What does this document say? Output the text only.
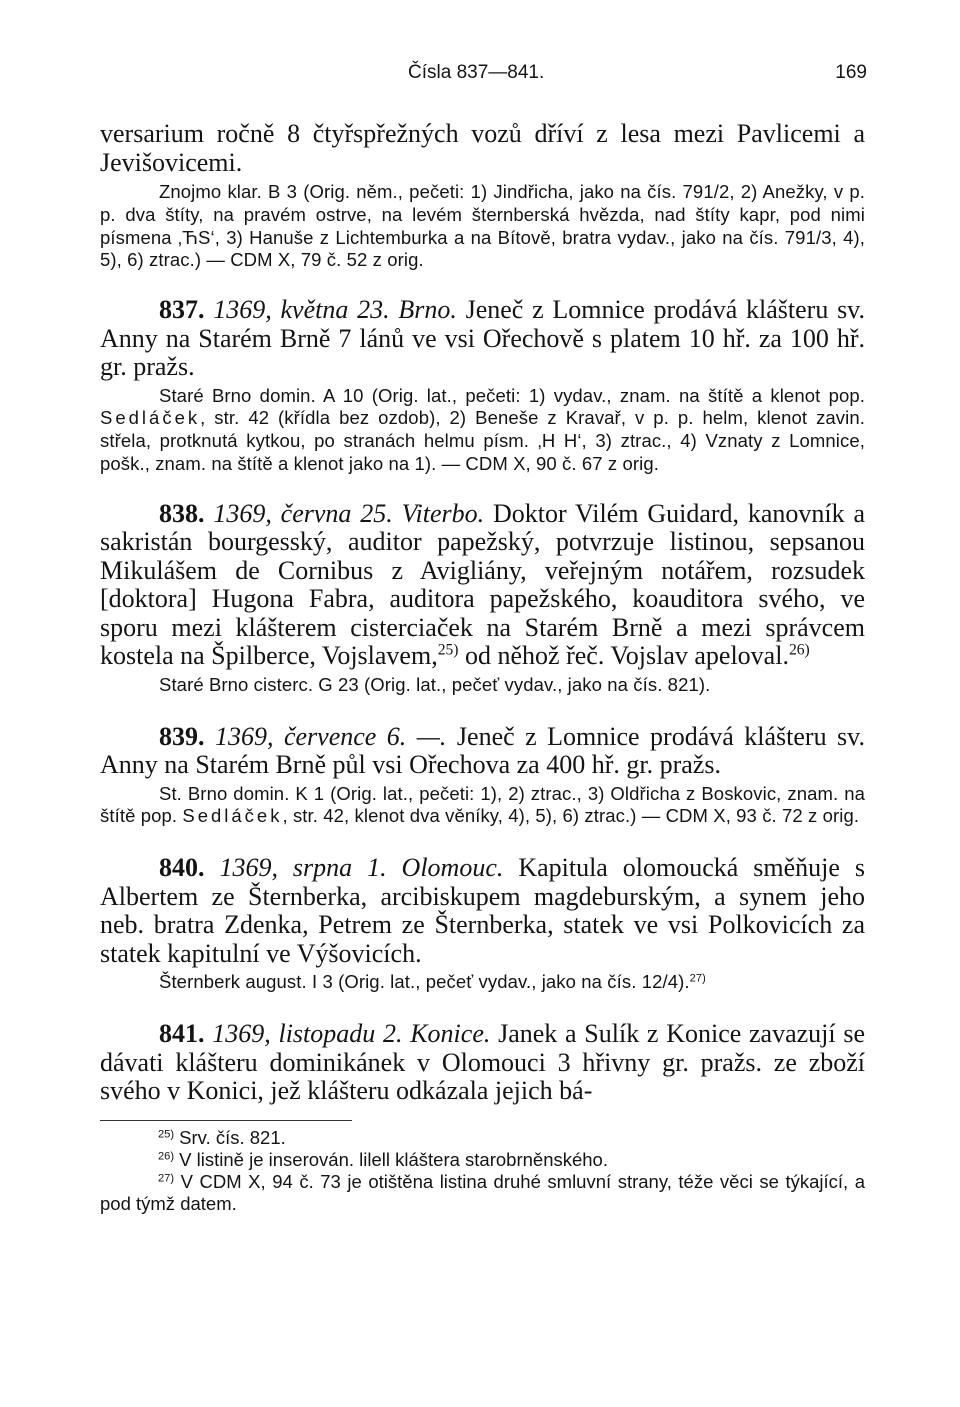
Čísla 837—841.	169

versarium ročně 8 čtyřspřežných vozů dříví z lesa mezi Pavlicemi a Jevišovicemi.

Znojmo klar. B 3 (Orig. něm., pečeti: 1) Jindřicha, jako na čís. 791/2, 2) Anežky, v p. p. dva štíty, na pravém ostrve, na levém šternberská hvězda, nad štíty kapr, pod nimi písmena ‚ЋS‘, 3) Hanuše z Lichtemburka a na Bítově, bratra vydav., jako na čís. 791/3, 4), 5), 6) ztrac.) — CDM X, 79 č. 52 z orig.

837. 1369, května 23. Brno. Jeneč z Lomnice prodává klášteru sv. Anny na Starém Brně 7 lánů ve vsi Ořechově s platem 10 hř. za 100 hř. gr. pražs.

Staré Brno domin. A 10 (Orig. lat., pečeti: 1) vydav., znam. na štítě a klenot pop. Sedláček, str. 42 (křídla bez ozdob), 2) Beneše z Kravař, v p. p. helm, klenot zavin. střela, protknutá kytkou, po stranách helmu písm. ‚H H‘, 3) ztrac., 4) Vznaty z Lomnice, pošk., znam. na štítě a klenot jako na 1). — CDM X, 90 č. 67 z orig.

838. 1369, června 25. Viterbo. Doktor Vilém Guidard, kanovník a sakristán bourgesský, auditor papežský, potvrzuje listinou, sepsanou Mikulášem de Cornibus z Avigliány, veřejným notářem, rozsudek [doktora] Hugona Fabra, auditora papežského, koauditora svého, ve sporu mezi klášterem cisterciaček na Starém Brně a mezi správcem kostela na Špilberce, Vojslavem,$^{25)}$ od něhož řeč. Vojslav apeloval.$^{26)}$

Staré Brno cisterc. G 23 (Orig. lat., pečeť vydav., jako na čís. 821).

839. 1369, července 6. —. Jeneč z Lomnice prodává klášteru sv. Anny na Starém Brně půl vsi Ořechova za 400 hř. gr. pražs.

St. Brno domin. K 1 (Orig. lat., pečeti: 1), 2) ztrac., 3) Oldřicha z Boskovic, znam. na štítě pop. Sedláček, str. 42, klenot dva věníky, 4), 5), 6) ztrac.) — CDM X, 93 č. 72 z orig.

840. 1369, srpna 1. Olomouc. Kapitula olomoucká směňuje s Albertem ze Šternberka, arcibiskupem magdeburským, a synem jeho neb. bratra Zdenka, Petrem ze Šternberka, statek ve vsi Polkovicích za statek kapitulní ve Výšovicích.

Šternberk august. I 3 (Orig. lat., pečeť vydav., jako na čís. 12/4).$^{27)}$

841. 1369, listopadu 2. Konice. Janek a Sulík z Konice zavazují se dávati klášteru dominikánek v Olomouci 3 hřivny gr. pražs. ze zboží svého v Konici, jež klášteru odkázala jejich bá-

$^{25)}$ Srv. čís. 821.

$^{26)}$ V listině je inserován. lilell kláštera starobrněnského.

$^{27)}$ V CDM X, 94 č. 73 je otištěna listina druhé smluvní strany, téže věci se týkající, a pod týmž datem.
